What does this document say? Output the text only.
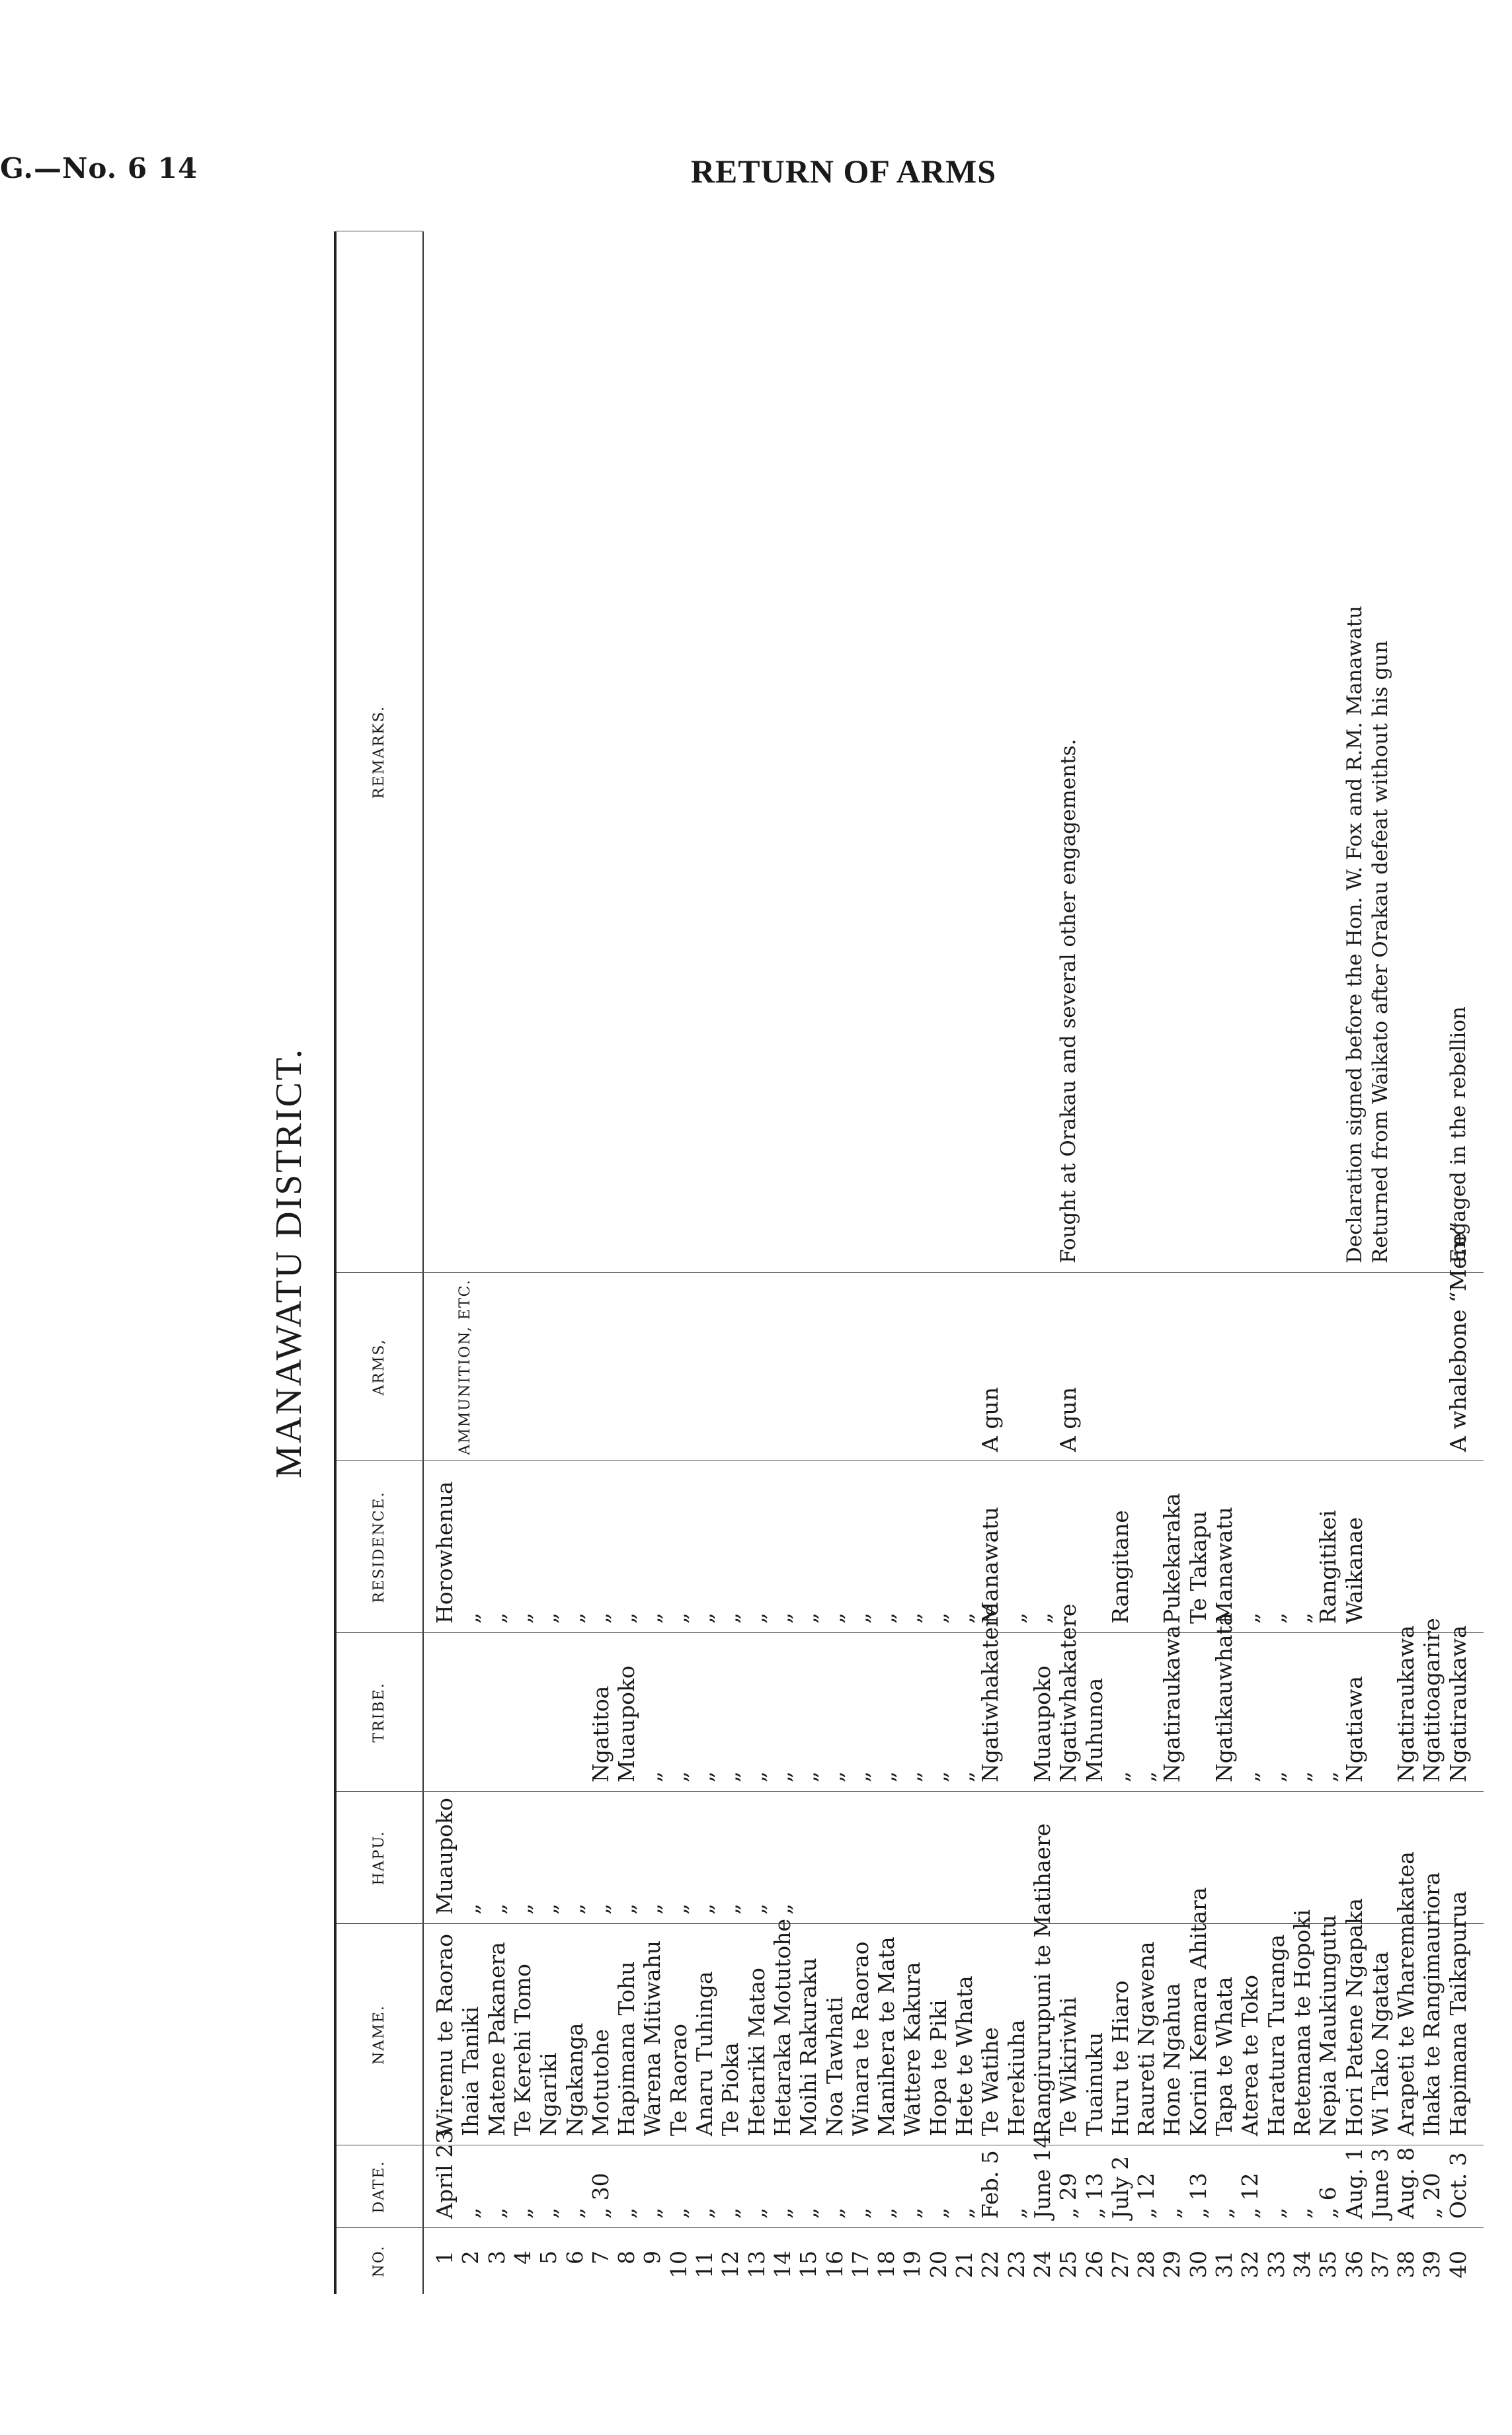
G.—No. 6 14	RETURN OF ARMS
MANAWATU DISTRICT.
NO.
DATE.
NAME.
HAPU.
TRIBE.
RESIDENCE.
ARMS, AMMUNITION, ETC.
REMARKS.
1
April 23
Wiremu te Raorao
Muaupoko
Horowhenua
2
„
Ihaia Taniki
„
„
3
„
Matene Pakanera
„
„
4
„
Te Kerehi Tomo
„
„
5
„
Ngariki
„
„
6
„
Ngakanga
„
„
7
„ 30
Motutohe
„
Ngatitoa
„
8
„
Hapimana Tohu
„
Muaupoko
„
9
„
Warena Mitiwahu
„
„
„
10
„
Te Raorao
„
„
„
11
„
Anaru Tuhinga
„
„
„
12
„
Te Pioka
„
„
„
13
„
Hetariki Matao
„
„
„
14
„
Hetaraka Motutohe
„
„
„
15
„
Moihi Rakuraku
„
„
16
„
Noa Tawhati
„
„
17
„
Winara te Raorao
„
„
18
„
Manihera te Mata
„
„
19
„
Wattere Kakura
„
„
20
„
Hopa te Piki
„
„
21
„
Hete te Whata
„
„
22
Feb. 5
Te Watihe
Ngatiwhakatere
Manawatu
A gun
23
„
Herekiuha
„
24
June 14
Rangirurupuni te Matihaere
Muaupoko
„
25
„ 29
Te Wikiriwhi
Ngatiwhakatere
A gun
Fought at Orakau and several other engagements.
26
„ 13
Tuainuku
Muhunoa
27
July 2
Huru te Hiaro
„
Rangitane
28
„ 12
Raureti Ngawena
„
29
„
Hone Ngahua
Ngatiraukawa
Pukekaraka
30
„ 13
Korini Kemara Ahitara
Te Takapu
31
„
Tapa te Whata
Ngatikauwhata
Manawatu
32
„ 12
Aterea te Toko
„
„
33
„
Haratura Turanga
„
„
34
„
Retemana te Hopoki
„
„
35
„ 6
Nepia Maukiungutu
„
Rangitikei
36
Aug. 1
Hori Patene Ngapaka
Ngatiawa
Waikanae
Declaration signed before the Hon. W. Fox and R.M. Manawatu
37
June 3
Wi Tako Ngatata
Returned from Waikato after Orakau defeat without his gun
38
Aug. 8
Arapeti te Wharemakatea
Ngatiraukawa
39
„ 20
Ihaka te Rangimauriora
Ngatitoagarire
40
Oct. 3
Hapimana Taikapurua
Ngatiraukawa
A whalebone “Mere”
Engaged in the rebellion
